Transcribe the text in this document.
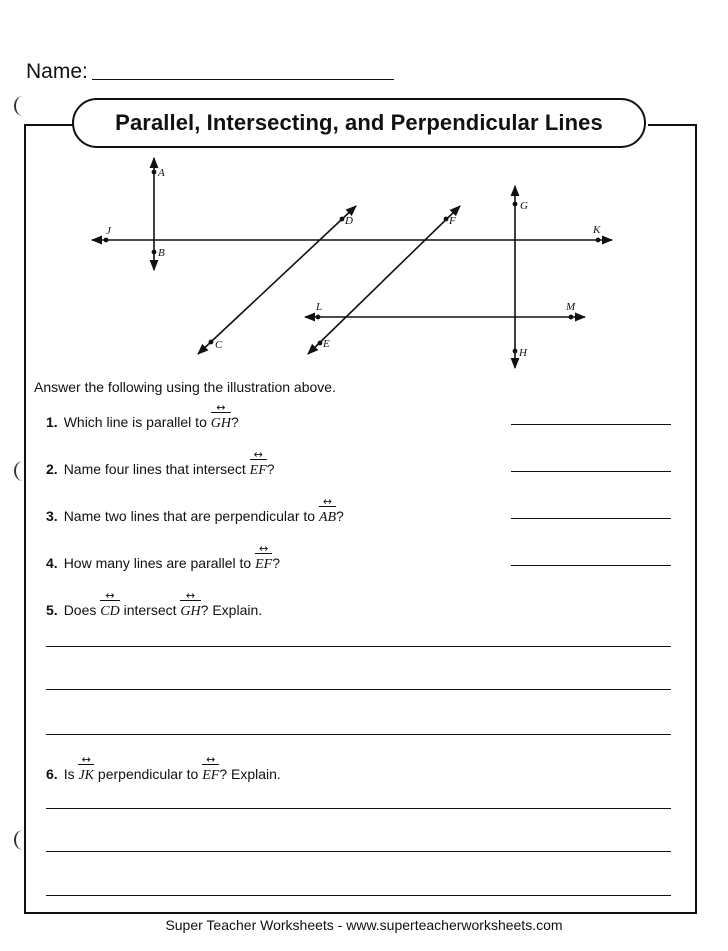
Name:
Parallel, Intersecting, and Perpendicular Lines
A
B
C
D
E
F
G
H
J	K
L	M
Answer the following using the illustration above.
1. Which line is parallel to GH ↔?
2. Name four lines that intersect EF ↔?
3. Name two lines that are perpendicular to AB ↔?
4. How many lines are parallel to EF ↔?
5. Does CD ↔ intersect GH ↔? Explain.
6. Is JK ↔ perpendicular to EF ↔? Explain.
Super Teacher Worksheets - www.superteacherworksheets.com
